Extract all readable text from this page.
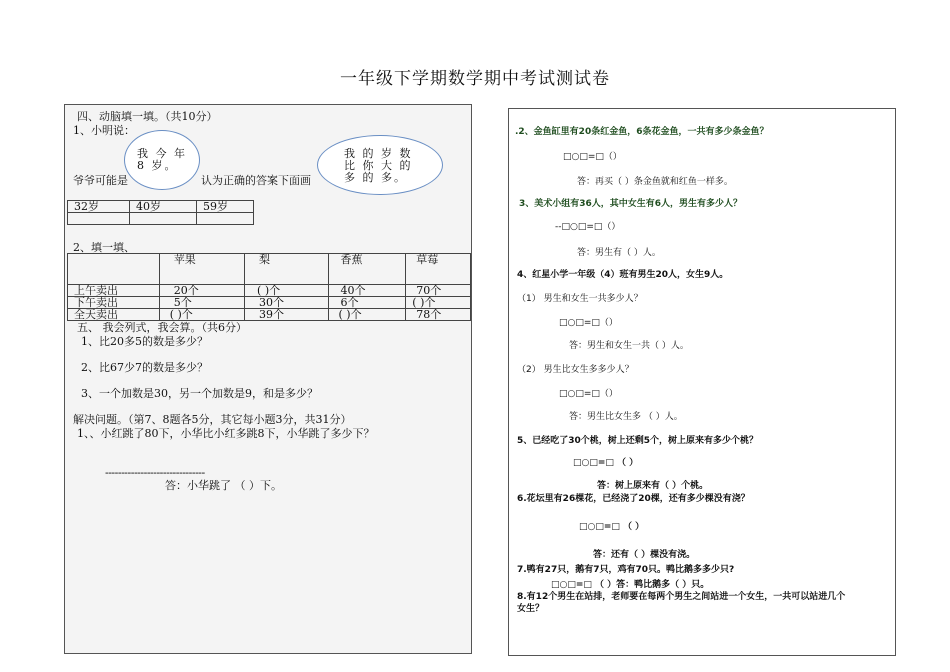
一年级下学期数学期中考试测试卷
四、动脑填一填。（共10分）
1、小明说：
我 今 年 8 岁。
我 的 岁 数 比 你 大 的 多 的 多。
爷爷可能是	认为正确的答案下面画
32岁	40岁	59岁

2、填一填、
	苹果	梨	香蕉	草莓
上午卖出	20个	( )个	40个	70个
下午卖出	5个	30个	6个	( )个
全天卖出	( )个	39个	( )个	78个
五、 我会列式，我会算。（共6分）
1、比20多5的数是多少？
2、比67少7的数是多少？
3、一个加数是30，另一个加数是9，和是多少？
解决问题。（第7、8题各5分，其它每小题3分，共31分）
1、、小红跳了80下，小华比小红多跳8下，小华跳了多少下？
-------------------------------
答：小华跳了 （ ）下。
.2、金鱼缸里有20条红金鱼，6条花金鱼，一共有多少条金鱼？
□○□=□（）
答：再买（ ）条金鱼就和红鱼一样多。
3、美术小组有36人，其中女生有6人，男生有多少人？
--□○□=□（）
答：男生有（ ）人。
4、红星小学一年级（4）班有男生20人，女生9人。
（1） 男生和女生一共多少人？
□○□=□（）
答：男生和女生一共（ ）人。
（2） 男生比女生多多少人？
□○□=□（）
答：男生比女生多 （ ）人。
5、已经吃了30个桃，树上还剩5个，树上原来有多少个桃？
□○□=□ （ ）
答：树上原来有（ ）个桃。
6.花坛里有26棵花，已经浇了20棵，还有多少棵没有浇？
□○□=□ （ ）
答：还有（ ）棵没有浇。
7.鸭有27只，鹅有7只，鸡有70只。鸭比鹅多多少只?
□○□=□ （ ）答：鸭比鹅多（ ）只。
8.有12个男生在站排，老师要在每两个男生之间站进一个女生，一共可以站进几个
女生？
